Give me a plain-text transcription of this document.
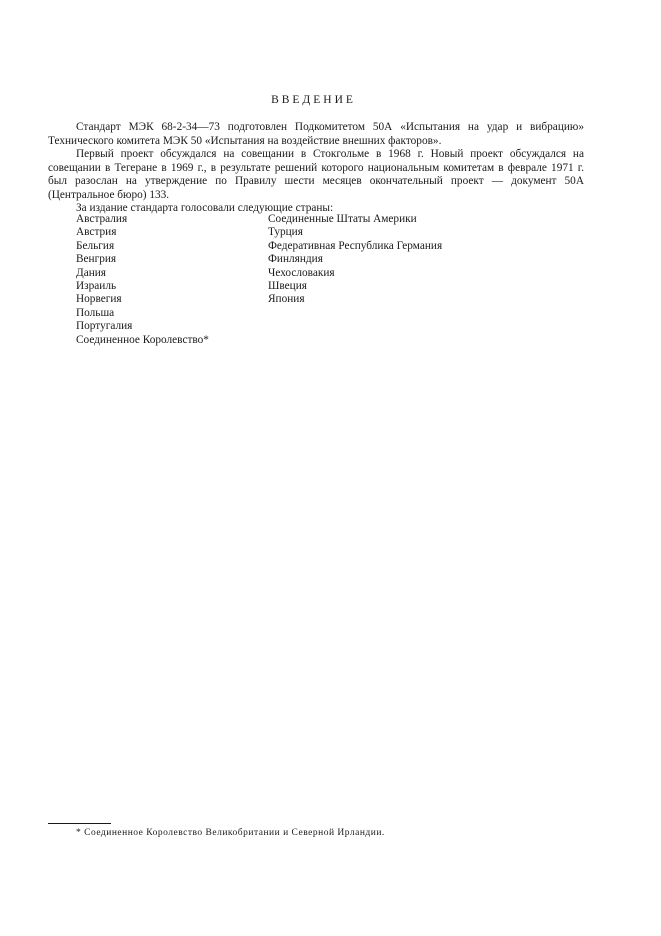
ВВЕДЕНИЕ

Стандарт МЭК 68-2-34—73 подготовлен Подкомитетом 50А «Испытания на удар и вибрацию» Технического комитета МЭК 50 «Испытания на воздействие внешних факторов».

Первый проект обсуждался на совещании в Стокгольме в 1968 г. Новый проект обсуждался на совещании в Тегеране в 1969 г., в результате решений которого национальным комитетам в феврале 1971 г. был разослан на утверждение по Правилу шести месяцев окончательный проект — документ 50А (Центральное бюро) 133.

За издание стандарта голосовали следующие страны:

Австралия
Австрия
Бельгия
Венгрия
Дания
Израиль
Норвегия
Польша
Португалия
Соединенное Королевство*
Соединенные Штаты Америки
Турция
Федеративная Республика Германия
Финляндия
Чехословакия
Швеция
Япония
* Соединенное Королевство Великобритании и Северной Ирландии.
